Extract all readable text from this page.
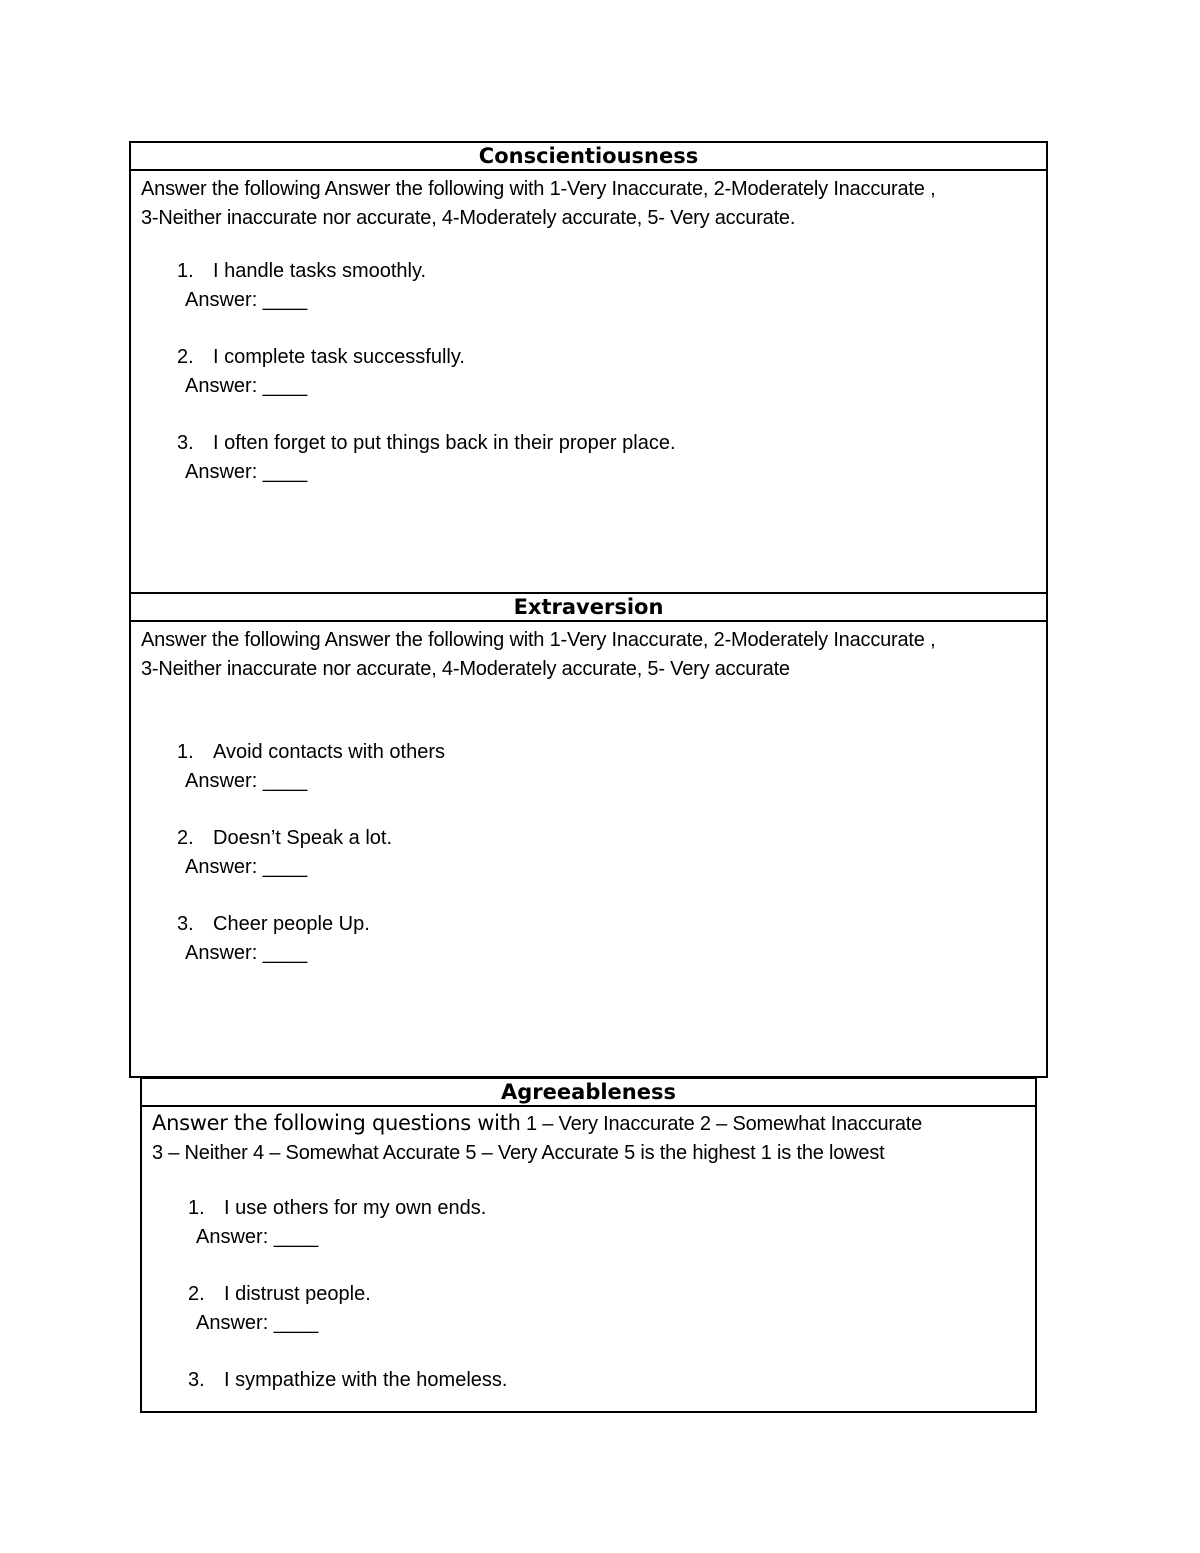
Conscientiousness
Answer the following Answer the following with 1-Very Inaccurate, 2-Moderately Inaccurate ,
3-Neither inaccurate nor accurate, 4-Moderately accurate, 5- Very accurate.
1. I handle tasks smoothly.
Answer: ____
2. I complete task successfully.
Answer: ____
3. I often forget to put things back in their proper place.
Answer: ____
Extraversion
Answer the following Answer the following with 1-Very Inaccurate, 2-Moderately Inaccurate ,
3-Neither inaccurate nor accurate, 4-Moderately accurate, 5- Very accurate
1. Avoid contacts with others
Answer: ____
2. Doesn’t Speak a lot.
Answer: ____
3. Cheer people Up.
Answer: ____
Agreeableness
Answer the following questions with 1 – Very Inaccurate 2 – Somewhat Inaccurate
3 – Neither 4 – Somewhat Accurate 5 – Very Accurate 5 is the highest 1 is the lowest
1. I use others for my own ends.
Answer: ____
2. I distrust people.
Answer: ____
3. I sympathize with the homeless.
